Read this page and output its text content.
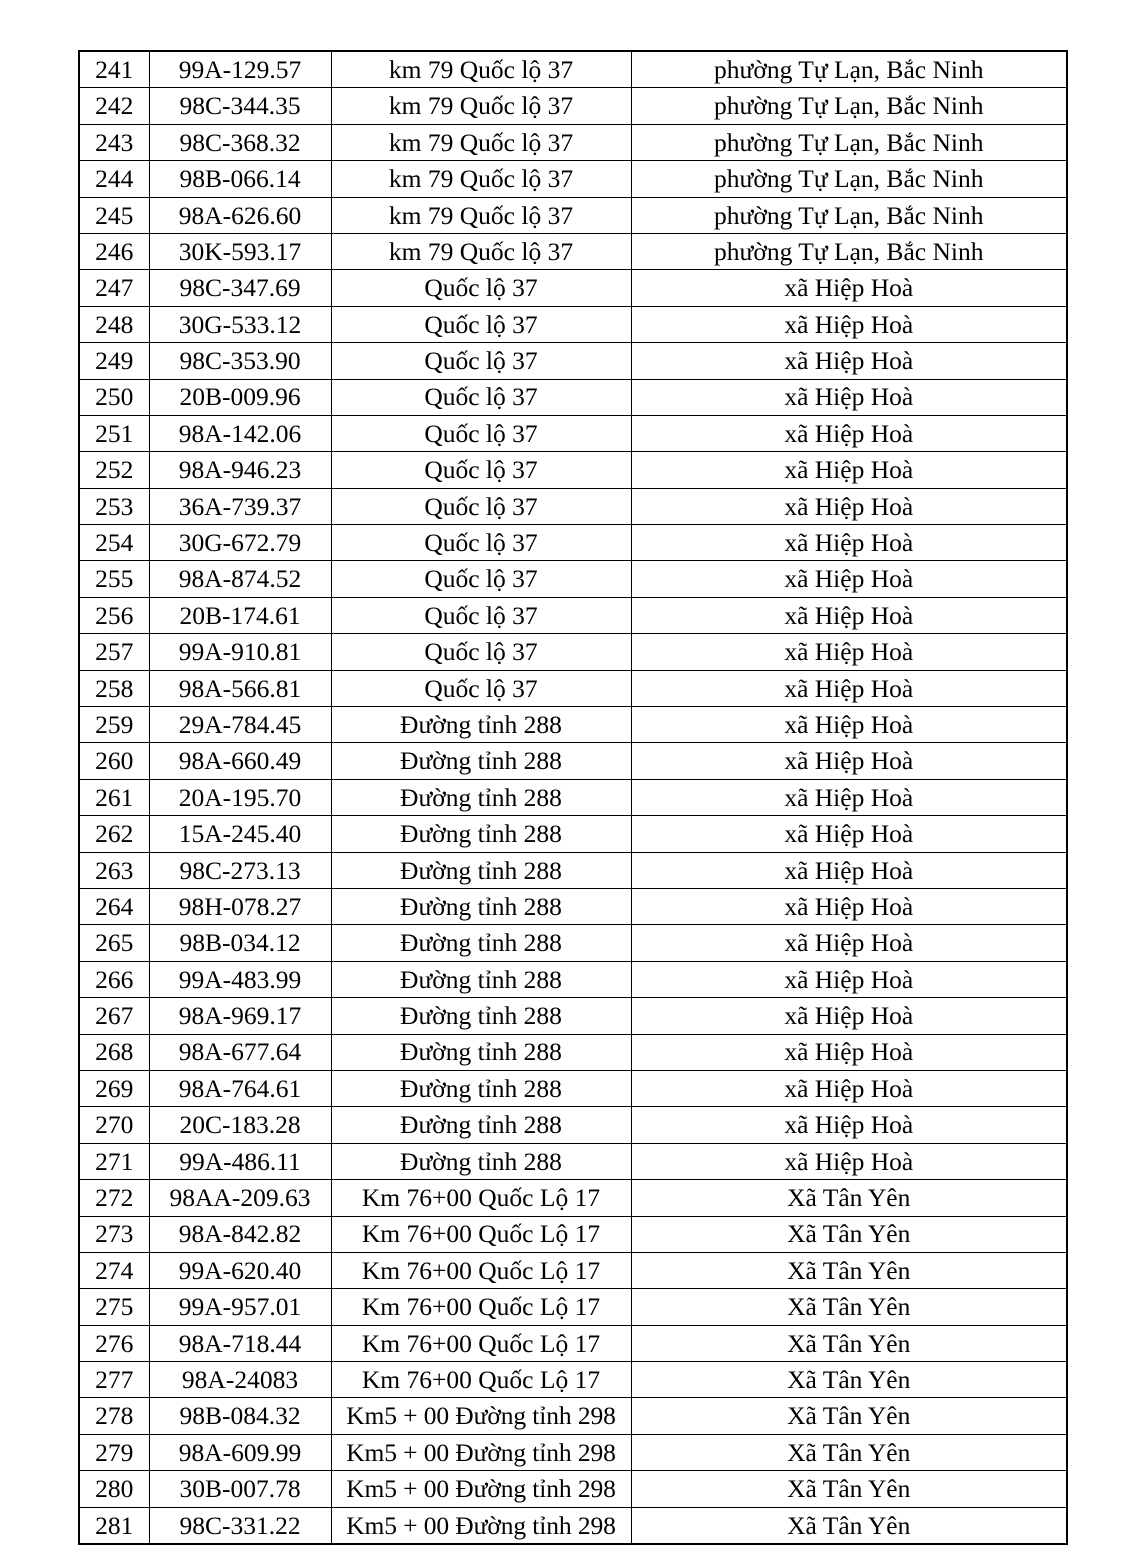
241	99A-129.57	km 79 Quốc lộ 37	phường Tự Lạn, Bắc Ninh
242	98C-344.35	km 79 Quốc lộ 37	phường Tự Lạn, Bắc Ninh
243	98C-368.32	km 79 Quốc lộ 37	phường Tự Lạn, Bắc Ninh
244	98B-066.14	km 79 Quốc lộ 37	phường Tự Lạn, Bắc Ninh
245	98A-626.60	km 79 Quốc lộ 37	phường Tự Lạn, Bắc Ninh
246	30K-593.17	km 79 Quốc lộ 37	phường Tự Lạn, Bắc Ninh
247	98C-347.69	Quốc lộ 37	xã Hiệp Hoà
248	30G-533.12	Quốc lộ 37	xã Hiệp Hoà
249	98C-353.90	Quốc lộ 37	xã Hiệp Hoà
250	20B-009.96	Quốc lộ 37	xã Hiệp Hoà
251	98A-142.06	Quốc lộ 37	xã Hiệp Hoà
252	98A-946.23	Quốc lộ 37	xã Hiệp Hoà
253	36A-739.37	Quốc lộ 37	xã Hiệp Hoà
254	30G-672.79	Quốc lộ 37	xã Hiệp Hoà
255	98A-874.52	Quốc lộ 37	xã Hiệp Hoà
256	20B-174.61	Quốc lộ 37	xã Hiệp Hoà
257	99A-910.81	Quốc lộ 37	xã Hiệp Hoà
258	98A-566.81	Quốc lộ 37	xã Hiệp Hoà
259	29A-784.45	Đường tỉnh 288	xã Hiệp Hoà
260	98A-660.49	Đường tỉnh 288	xã Hiệp Hoà
261	20A-195.70	Đường tỉnh 288	xã Hiệp Hoà
262	15A-245.40	Đường tỉnh 288	xã Hiệp Hoà
263	98C-273.13	Đường tỉnh 288	xã Hiệp Hoà
264	98H-078.27	Đường tỉnh 288	xã Hiệp Hoà
265	98B-034.12	Đường tỉnh 288	xã Hiệp Hoà
266	99A-483.99	Đường tỉnh 288	xã Hiệp Hoà
267	98A-969.17	Đường tỉnh 288	xã Hiệp Hoà
268	98A-677.64	Đường tỉnh 288	xã Hiệp Hoà
269	98A-764.61	Đường tỉnh 288	xã Hiệp Hoà
270	20C-183.28	Đường tỉnh 288	xã Hiệp Hoà
271	99A-486.11	Đường tỉnh 288	xã Hiệp Hoà
272	98AA-209.63	Km 76+00 Quốc Lộ 17	Xã Tân Yên
273	98A-842.82	Km 76+00 Quốc Lộ 17	Xã Tân Yên
274	99A-620.40	Km 76+00 Quốc Lộ 17	Xã Tân Yên
275	99A-957.01	Km 76+00 Quốc Lộ 17	Xã Tân Yên
276	98A-718.44	Km 76+00 Quốc Lộ 17	Xã Tân Yên
277	98A-24083	Km 76+00 Quốc Lộ 17	Xã Tân Yên
278	98B-084.32	Km5 + 00 Đường tỉnh 298	Xã Tân Yên
279	98A-609.99	Km5 + 00 Đường tỉnh 298	Xã Tân Yên
280	30B-007.78	Km5 + 00 Đường tỉnh 298	Xã Tân Yên
281	98C-331.22	Km5 + 00 Đường tỉnh 298	Xã Tân Yên
